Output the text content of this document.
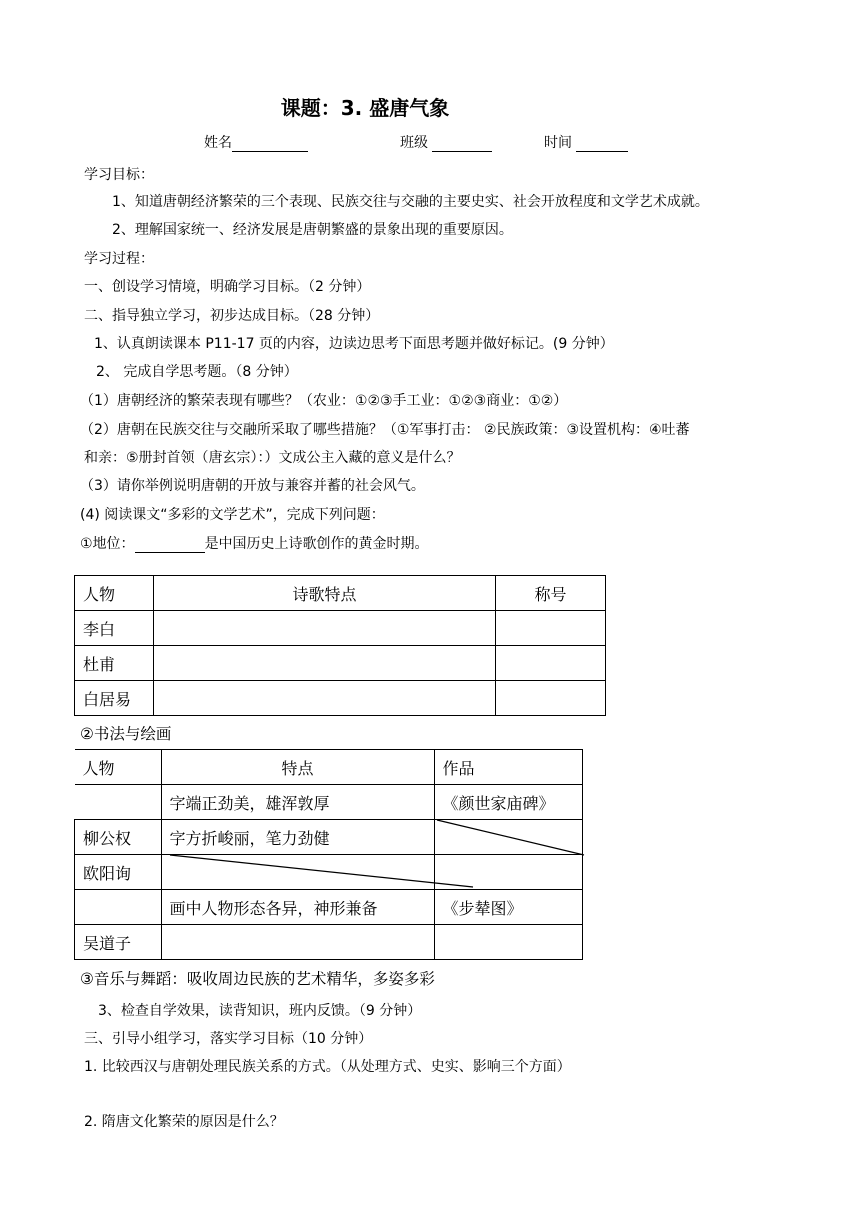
课题：3. 盛唐气象
姓名	班级	时间
学习目标：
1、知道唐朝经济繁荣的三个表现、民族交往与交融的主要史实、社会开放程度和文学艺术成就。
2、理解国家统一、经济发展是唐朝繁盛的景象出现的重要原因。
学习过程：
一、创设学习情境，明确学习目标。（2 分钟）
二、指导独立学习，初步达成目标。（28 分钟）
1、认真朗读课本 P11-17 页的内容，边读边思考下面思考题并做好标记。(9 分钟）
2、 完成自学思考题。（8 分钟）
（1）唐朝经济的繁荣表现有哪些？（农业：①②③手工业：①②③商业：①②）
（2）唐朝在民族交往与交融所采取了哪些措施？（①军事打击： ②民族政策：③设置机构：④吐蕃
和亲：⑤册封首领（唐玄宗）：）文成公主入藏的意义是什么？
（3）请你举例说明唐朝的开放与兼容并蓄的社会风气。
(4) 阅读课文“多彩的文学艺术”，完成下列问题：
①地位：	是中国历史上诗歌创作的黄金时期。
人物	诗歌特点	称号
李白		
杜甫		
白居易		
②书法与绘画
人物	特点	作品
	字端正劲美，雄浑敦厚	《颜世家庙碑》
柳公权	字方折峻丽，笔力劲健	
欧阳询		
	画中人物形态各异，神形兼备	《步辇图》
吴道子		
③音乐与舞蹈：吸收周边民族的艺术精华，多姿多彩
3、检查自学效果，读背知识，班内反馈。（9 分钟）
三、引导小组学习，落实学习目标（10 分钟）
1. 比较西汉与唐朝处理民族关系的方式。（从处理方式、史实、影响三个方面）
2. 隋唐文化繁荣的原因是什么？
